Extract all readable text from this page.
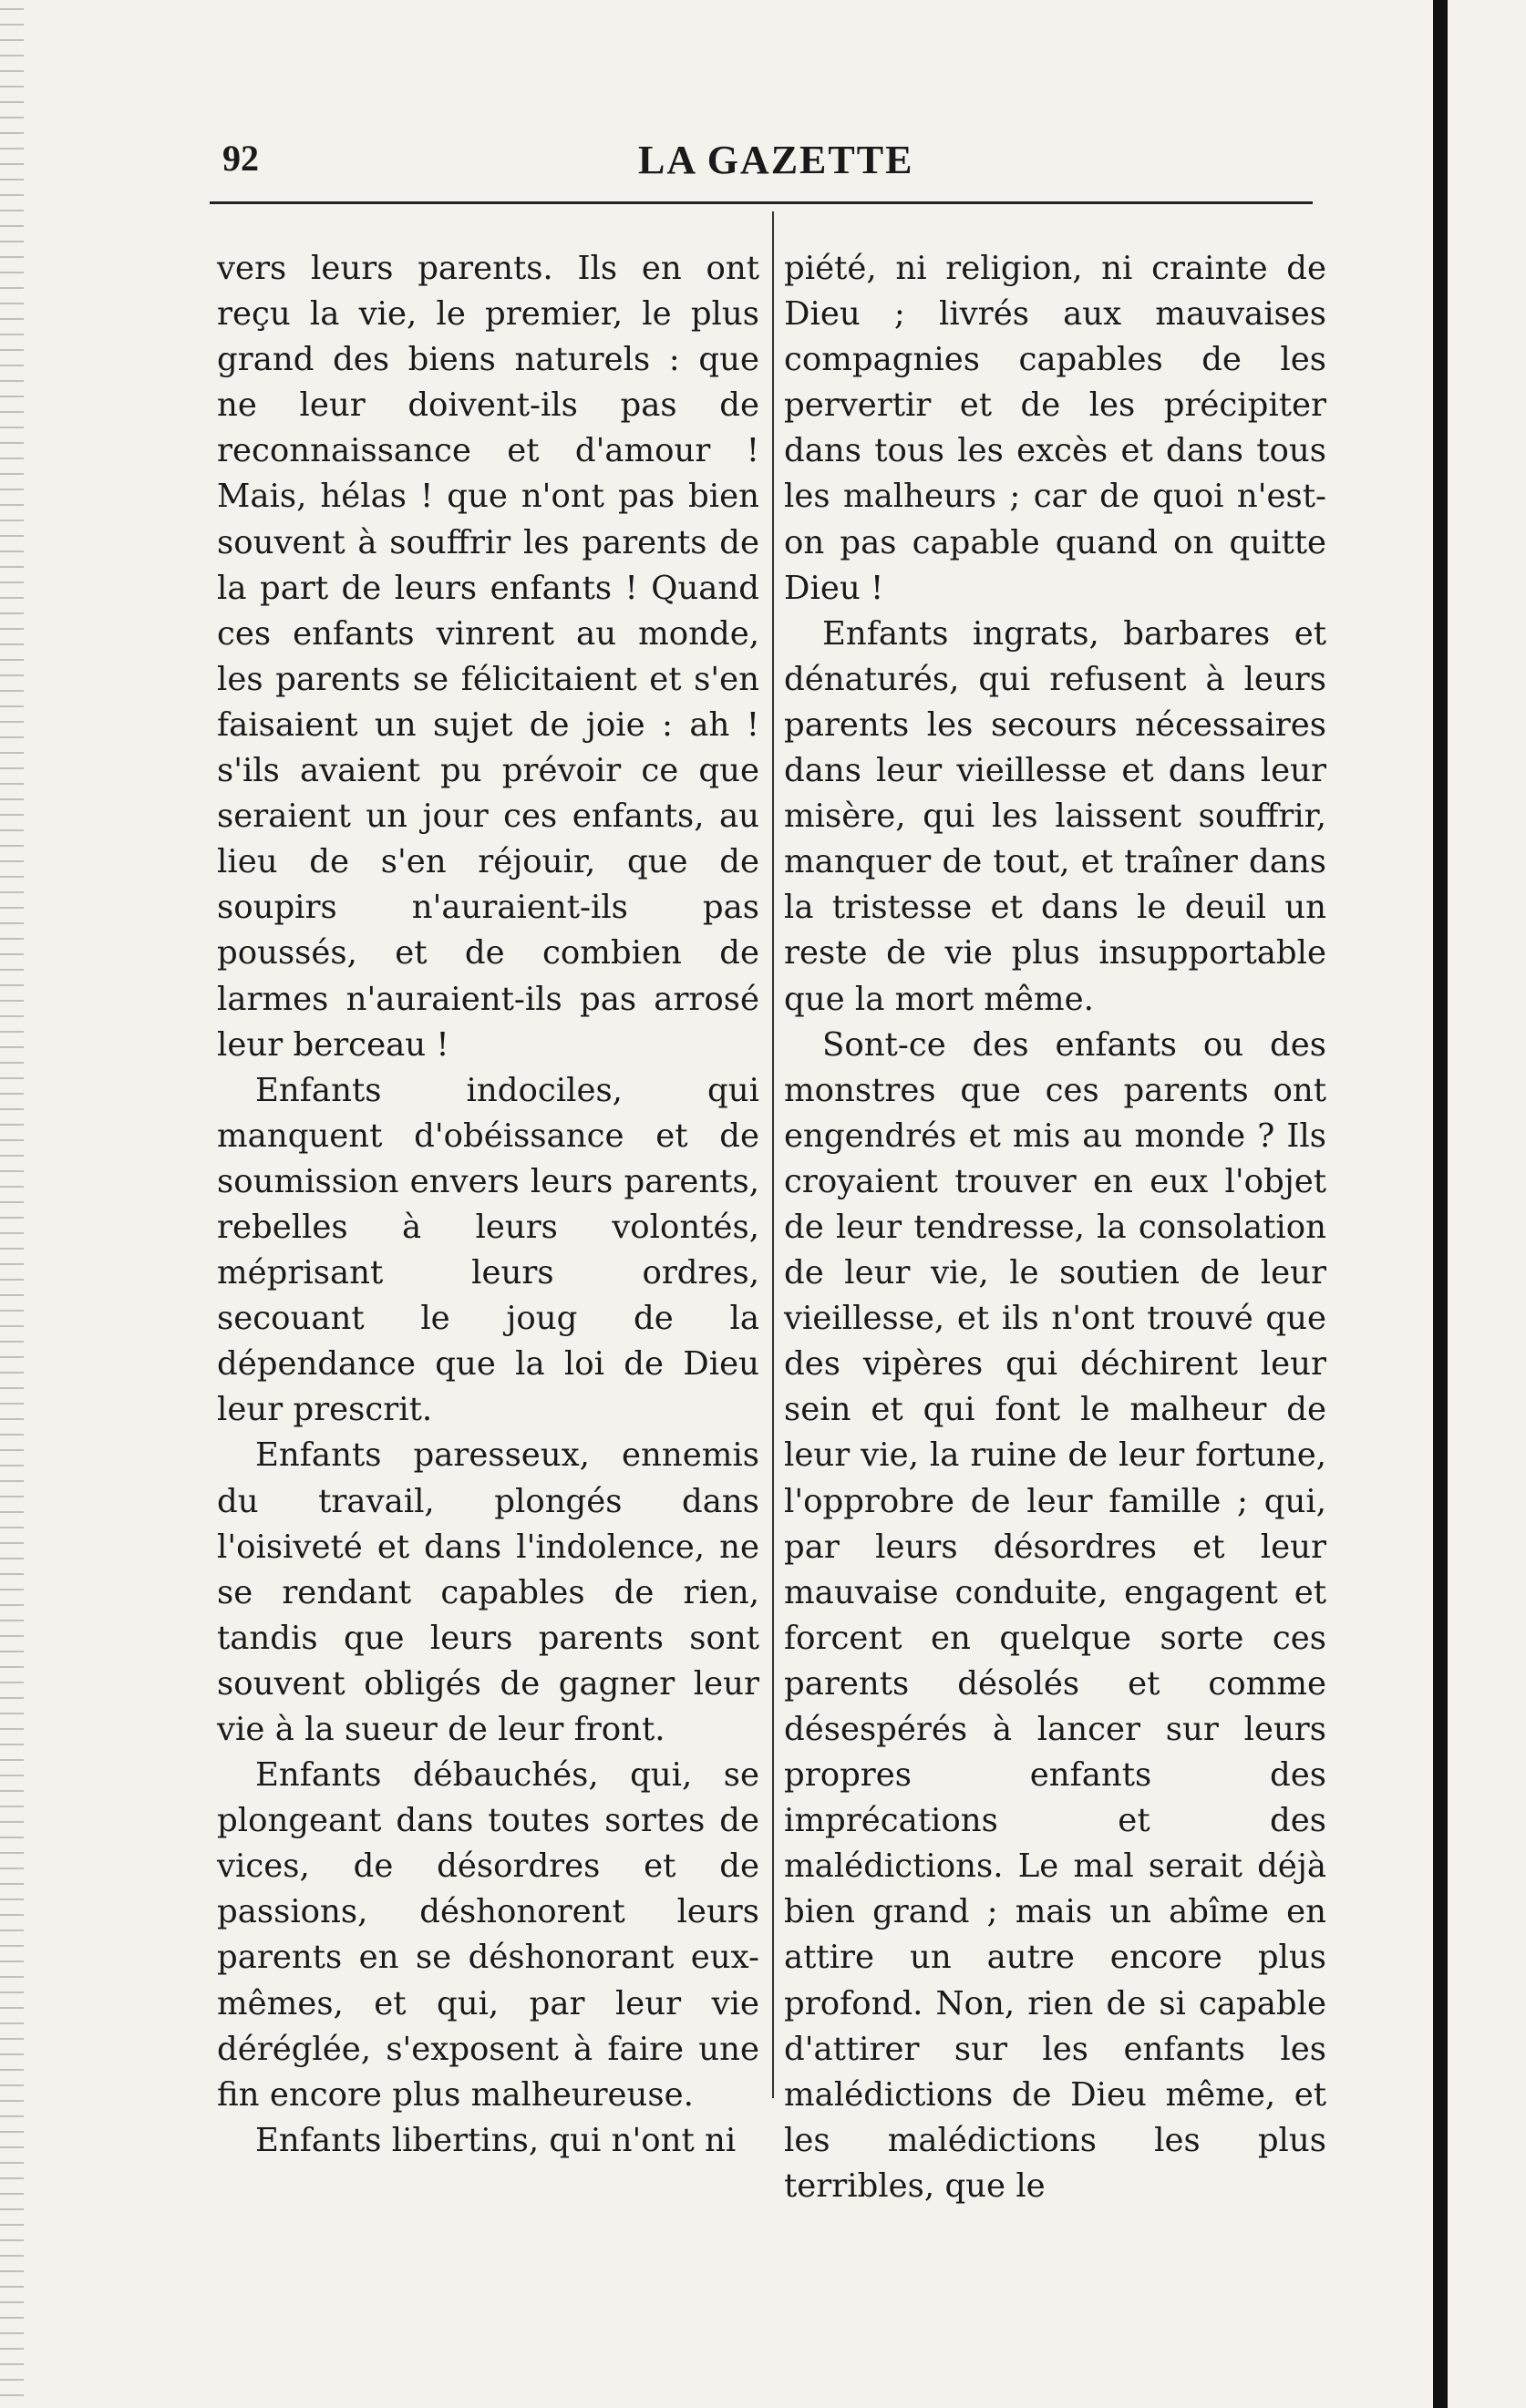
92	LA GAZETTE

vers leurs parents. Ils en ont reçu la vie, le premier, le plus grand des biens naturels : que ne leur doivent-ils pas de reconnaissance et d'amour ! Mais, hélas ! que n'ont pas bien souvent à souffrir les parents de la part de leurs enfants ! Quand ces enfants vinrent au monde, les parents se félicitaient et s'en faisaient un sujet de joie : ah ! s'ils avaient pu prévoir ce que seraient un jour ces enfants, au lieu de s'en réjouir, que de soupirs n'auraient-ils pas poussés, et de combien de larmes n'auraient-ils pas arrosé leur berceau !

Enfants indociles, qui manquent d'obéissance et de soumission envers leurs parents, rebelles à leurs volontés, méprisant leurs ordres, secouant le joug de la dépendance que la loi de Dieu leur prescrit.

Enfants paresseux, ennemis du travail, plongés dans l'oisiveté et dans l'indolence, ne se rendant capables de rien, tandis que leurs parents sont souvent obligés de gagner leur vie à la sueur de leur front.

Enfants débauchés, qui, se plongeant dans toutes sortes de vices, de désordres et de passions, déshonorent leurs parents en se déshonorant eux-mêmes, et qui, par leur vie déréglée, s'exposent à faire une fin encore plus malheureuse.

Enfants libertins, qui n'ont ni

piété, ni religion, ni crainte de Dieu ; livrés aux mauvaises compagnies capables de les pervertir et de les précipiter dans tous les excès et dans tous les malheurs ; car de quoi n'est-on pas capable quand on quitte Dieu !

Enfants ingrats, barbares et dénaturés, qui refusent à leurs parents les secours nécessaires dans leur vieillesse et dans leur misère, qui les laissent souffrir, manquer de tout, et traîner dans la tristesse et dans le deuil un reste de vie plus insupportable que la mort même.

Sont-ce des enfants ou des monstres que ces parents ont engendrés et mis au monde ? Ils croyaient trouver en eux l'objet de leur tendresse, la consolation de leur vie, le soutien de leur vieillesse, et ils n'ont trouvé que des vipères qui déchirent leur sein et qui font le malheur de leur vie, la ruine de leur fortune, l'opprobre de leur famille ; qui, par leurs désordres et leur mauvaise conduite, engagent et forcent en quelque sorte ces parents désolés et comme désespérés à lancer sur leurs propres enfants des imprécations et des malédictions. Le mal serait déjà bien grand ; mais un abîme en attire un autre encore plus profond. Non, rien de si capable d'attirer sur les enfants les malédictions de Dieu même, et les malédictions les plus terribles, que le
